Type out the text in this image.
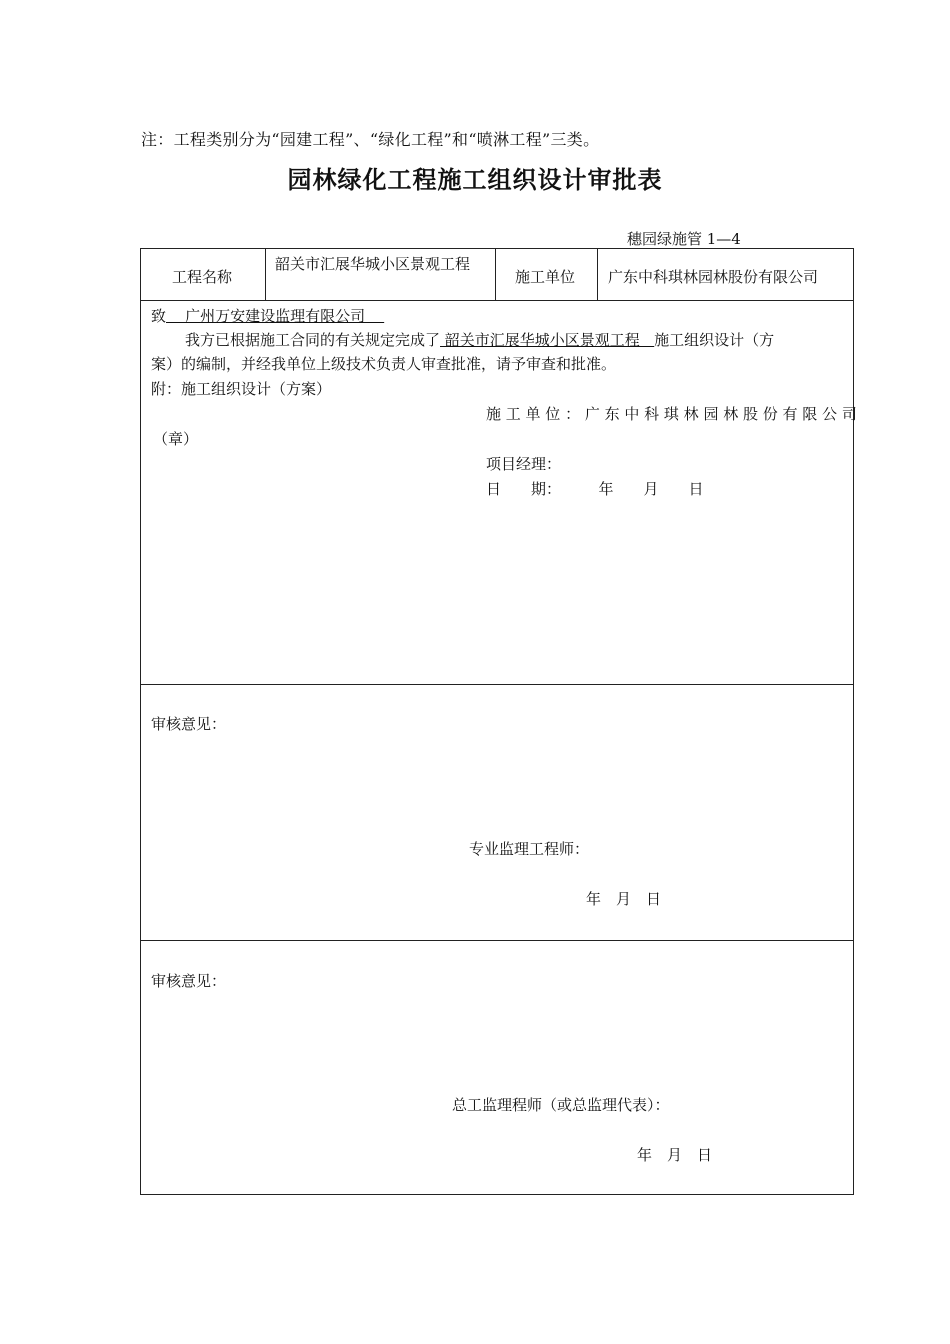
注：工程类别分为“园建工程”、“绿化工程”和“喷淋工程”三类。
园林绿化工程施工组织设计审批表
穗园绿施管 1—4
工程名称
韶关市汇展华城小区景观工程
施工单位 广东中科琪林园林股份有限公司
致    广州万安建设监理有限公司
我方已根据施工合同的有关规定完成了 韶关市汇展华城小区景观工程   施工组织设计（方
案）的编制，并经我单位上级技术负责人审查批准，请予审查和批准。
附：施工组织设计（方案）
施 工 单 位 ： 广 东 中 科 琪 林 园 林 股 份 有 限 公 司
（章）
项目经理：
日　　期：　　　年　　月　　日
审核意见：
专业监理工程师：
年　月　日
审核意见：
总工监理程师（或总监理代表）：
年　月　日
